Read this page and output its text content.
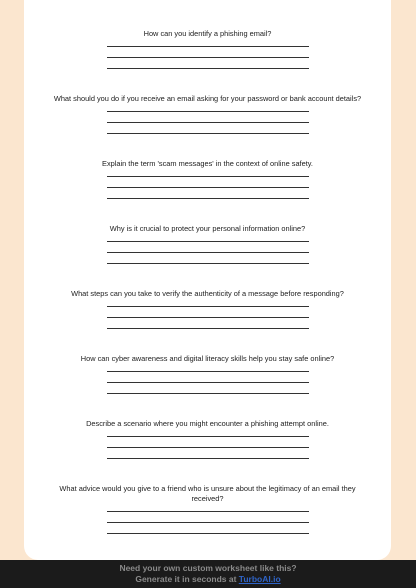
How can you identify a phishing email?
What should you do if you receive an email asking for your password or bank account details?
Explain the term 'scam messages' in the context of online safety.
Why is it crucial to protect your personal information online?
What steps can you take to verify the authenticity of a message before responding?
How can cyber awareness and digital literacy skills help you stay safe online?
Describe a scenario where you might encounter a phishing attempt online.
What advice would you give to a friend who is unsure about the legitimacy of an email they received?
Need your own custom worksheet like this?
Generate it in seconds at TurboAI.io
